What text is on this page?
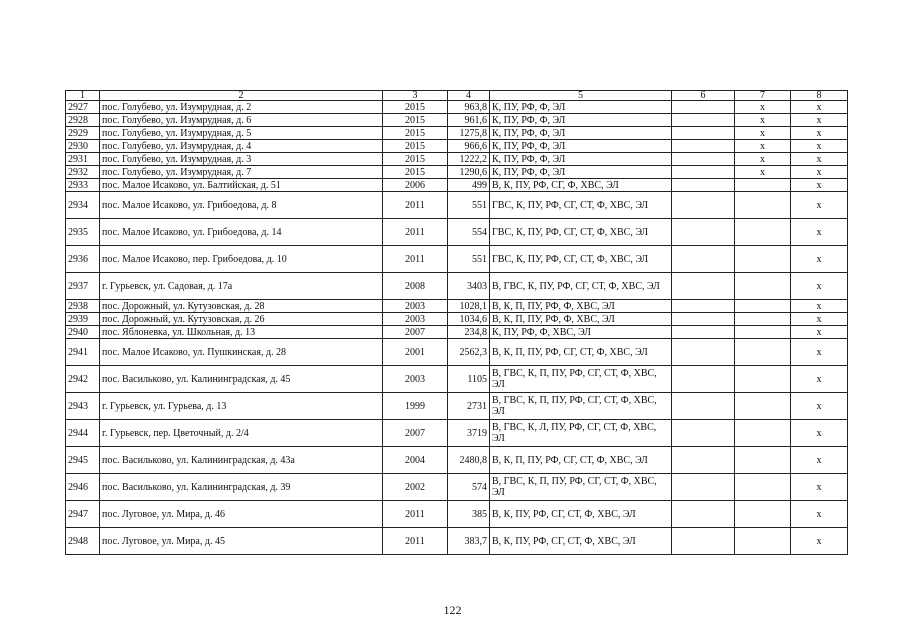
1	2	3	4	5	6	7	8
2927	пос. Голубево, ул. Изумрудная, д. 2	2015	963,8	К, ПУ, РФ, Ф, ЭЛ		х	х
2928	пос. Голубево, ул. Изумрудная, д. 6	2015	961,6	К, ПУ, РФ, Ф, ЭЛ		х	х
2929	пос. Голубево, ул. Изумрудная, д. 5	2015	1275,8	К, ПУ, РФ, Ф, ЭЛ		х	х
2930	пос. Голубево, ул. Изумрудная, д. 4	2015	966,6	К, ПУ, РФ, Ф, ЭЛ		х	х
2931	пос. Голубево, ул. Изумрудная, д. 3	2015	1222,2	К, ПУ, РФ, Ф, ЭЛ		х	х
2932	пос. Голубево, ул. Изумрудная, д. 7	2015	1290,6	К, ПУ, РФ, Ф, ЭЛ		х	х
2933	пос. Малое Исаково, ул. Балтийская, д. 51	2006	499	В, К, ПУ, РФ, СГ, Ф, ХВС, ЭЛ			х
2934	пос. Малое Исаково, ул. Грибоедова, д. 8	2011	551	ГВС, К, ПУ, РФ, СГ, СТ, Ф, ХВС, ЭЛ			х
2935	пос. Малое Исаково, ул. Грибоедова, д. 14	2011	554	ГВС, К, ПУ, РФ, СГ, СТ, Ф, ХВС, ЭЛ			х
2936	пос. Малое Исаково, пер. Грибоедова, д. 10	2011	551	ГВС, К, ПУ, РФ, СГ, СТ, Ф, ХВС, ЭЛ			х
2937	г. Гурьевск, ул. Садовая, д. 17а	2008	3403	В, ГВС, К, ПУ, РФ, СГ, СТ, Ф, ХВС, ЭЛ			х
2938	пос. Дорожный, ул. Кутузовская, д. 28	2003	1028,1	В, К, П, ПУ, РФ, Ф, ХВС, ЭЛ			х
2939	пос. Дорожный, ул. Кутузовская, д. 26	2003	1034,6	В, К, П, ПУ, РФ, Ф, ХВС, ЭЛ			х
2940	пос. Яблоневка, ул. Школьная, д. 13	2007	234,8	К, ПУ, РФ, Ф, ХВС, ЭЛ			х
2941	пос. Малое Исаково, ул. Пушкинская, д. 28	2001	2562,3	В, К, П, ПУ, РФ, СГ, СТ, Ф, ХВС, ЭЛ			х
2942	пос. Васильково, ул. Калининградская, д. 45	2003	1105	В, ГВС, К, П, ПУ, РФ, СГ, СТ, Ф, ХВС, ЭЛ			х
2943	г. Гурьевск, ул. Гурьева, д. 13	1999	2731	В, ГВС, К, П, ПУ, РФ, СГ, СТ, Ф, ХВС, ЭЛ			х
2944	г. Гурьевск, пер. Цветочный, д. 2/4	2007	3719	В, ГВС, К, Л, ПУ, РФ, СГ, СТ, Ф, ХВС, ЭЛ			х
2945	пос. Васильково, ул. Калининградская, д. 43а	2004	2480,8	В, К, П, ПУ, РФ, СГ, СТ, Ф, ХВС, ЭЛ			х
2946	пос. Васильково, ул. Калининградская, д. 39	2002	574	В, ГВС, К, П, ПУ, РФ, СГ, СТ, Ф, ХВС, ЭЛ			х
2947	пос. Луговое, ул. Мира, д. 46	2011	385	В, К, ПУ, РФ, СГ, СТ, Ф, ХВС, ЭЛ			х
2948	пос. Луговое, ул. Мира, д. 45	2011	383,7	В, К, ПУ, РФ, СГ, СТ, Ф, ХВС, ЭЛ			х
122
